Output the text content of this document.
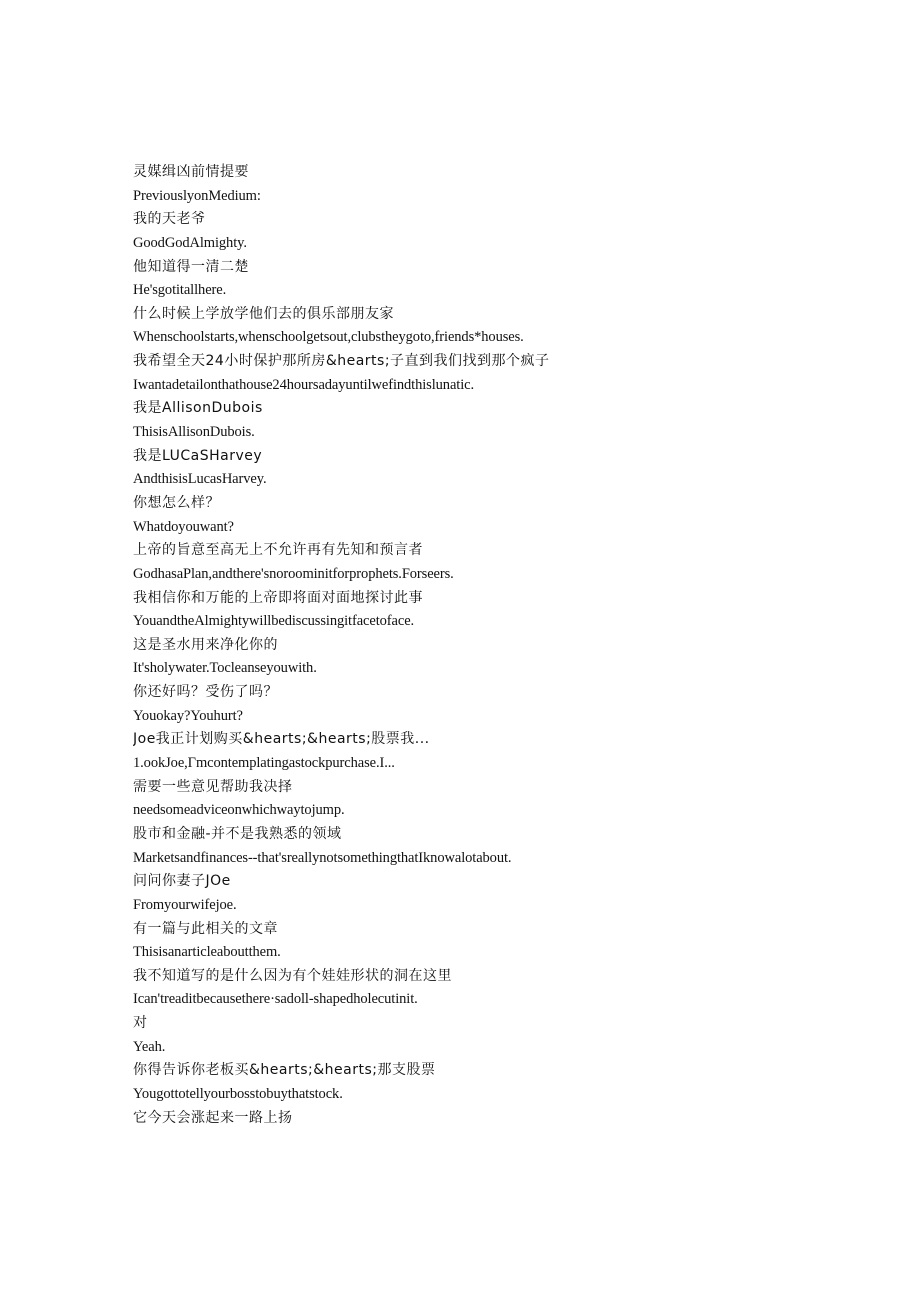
灵媒缉凶前情提要
PreviouslyonMedium:
我的天老爷
GoodGodAlmighty.
他知道得一清二楚
He'sgotitallhere.
什么时候上学放学他们去的俱乐部朋友家
Whenschoolstarts,whenschoolgetsout,clubstheygoto,friends*houses.
我希望全天24小时保护那所房&hearts;子直到我们找到那个疯子
Iwantadetailonthathouse24hoursadayuntilwefindthislunatic.
我是AllisonDubois
ThisisAllisonDubois.
我是LUCaSHarvey
AndthisisLucasHarvey.
你想怎么样？
Whatdoyouwant?
上帝的旨意至高无上不允许再有先知和预言者
GodhasaPlan,andthere'snoroominitforprophets.Forseers.
我相信你和万能的上帝即将面对面地探讨此事
YouandtheAlmightywillbediscussingitfacetoface.
这是圣水用来净化你的
It'sholywater.Tocleanseyouwith.
你还好吗？受伤了吗？
Youokay?Youhurt?
Joe我正计划购买&hearts;&hearts;股票我...
1.ookJoe,Γmcontemplatingastockpurchase.I...
需要一些意见帮助我决择
needsomeadviceonwhichwaytojump.
股市和金融-并不是我熟悉的领域
Marketsandfinances--that'sreallynotsomethingthatIknowalotabout.
问问你妻子JOe
Fromyourwifejoe.
有一篇与此相关的文章
Thisisanarticleaboutthem.
我不知道写的是什么因为有个娃娃形状的洞在这里
Ican'treaditbecausethere·sadoll-shapedholecutinit.
对
Yeah.
你得告诉你老板买&hearts;&hearts;那支股票
Yougottotellyourbosstobuythatstock.
它今天会涨起来一路上扬
